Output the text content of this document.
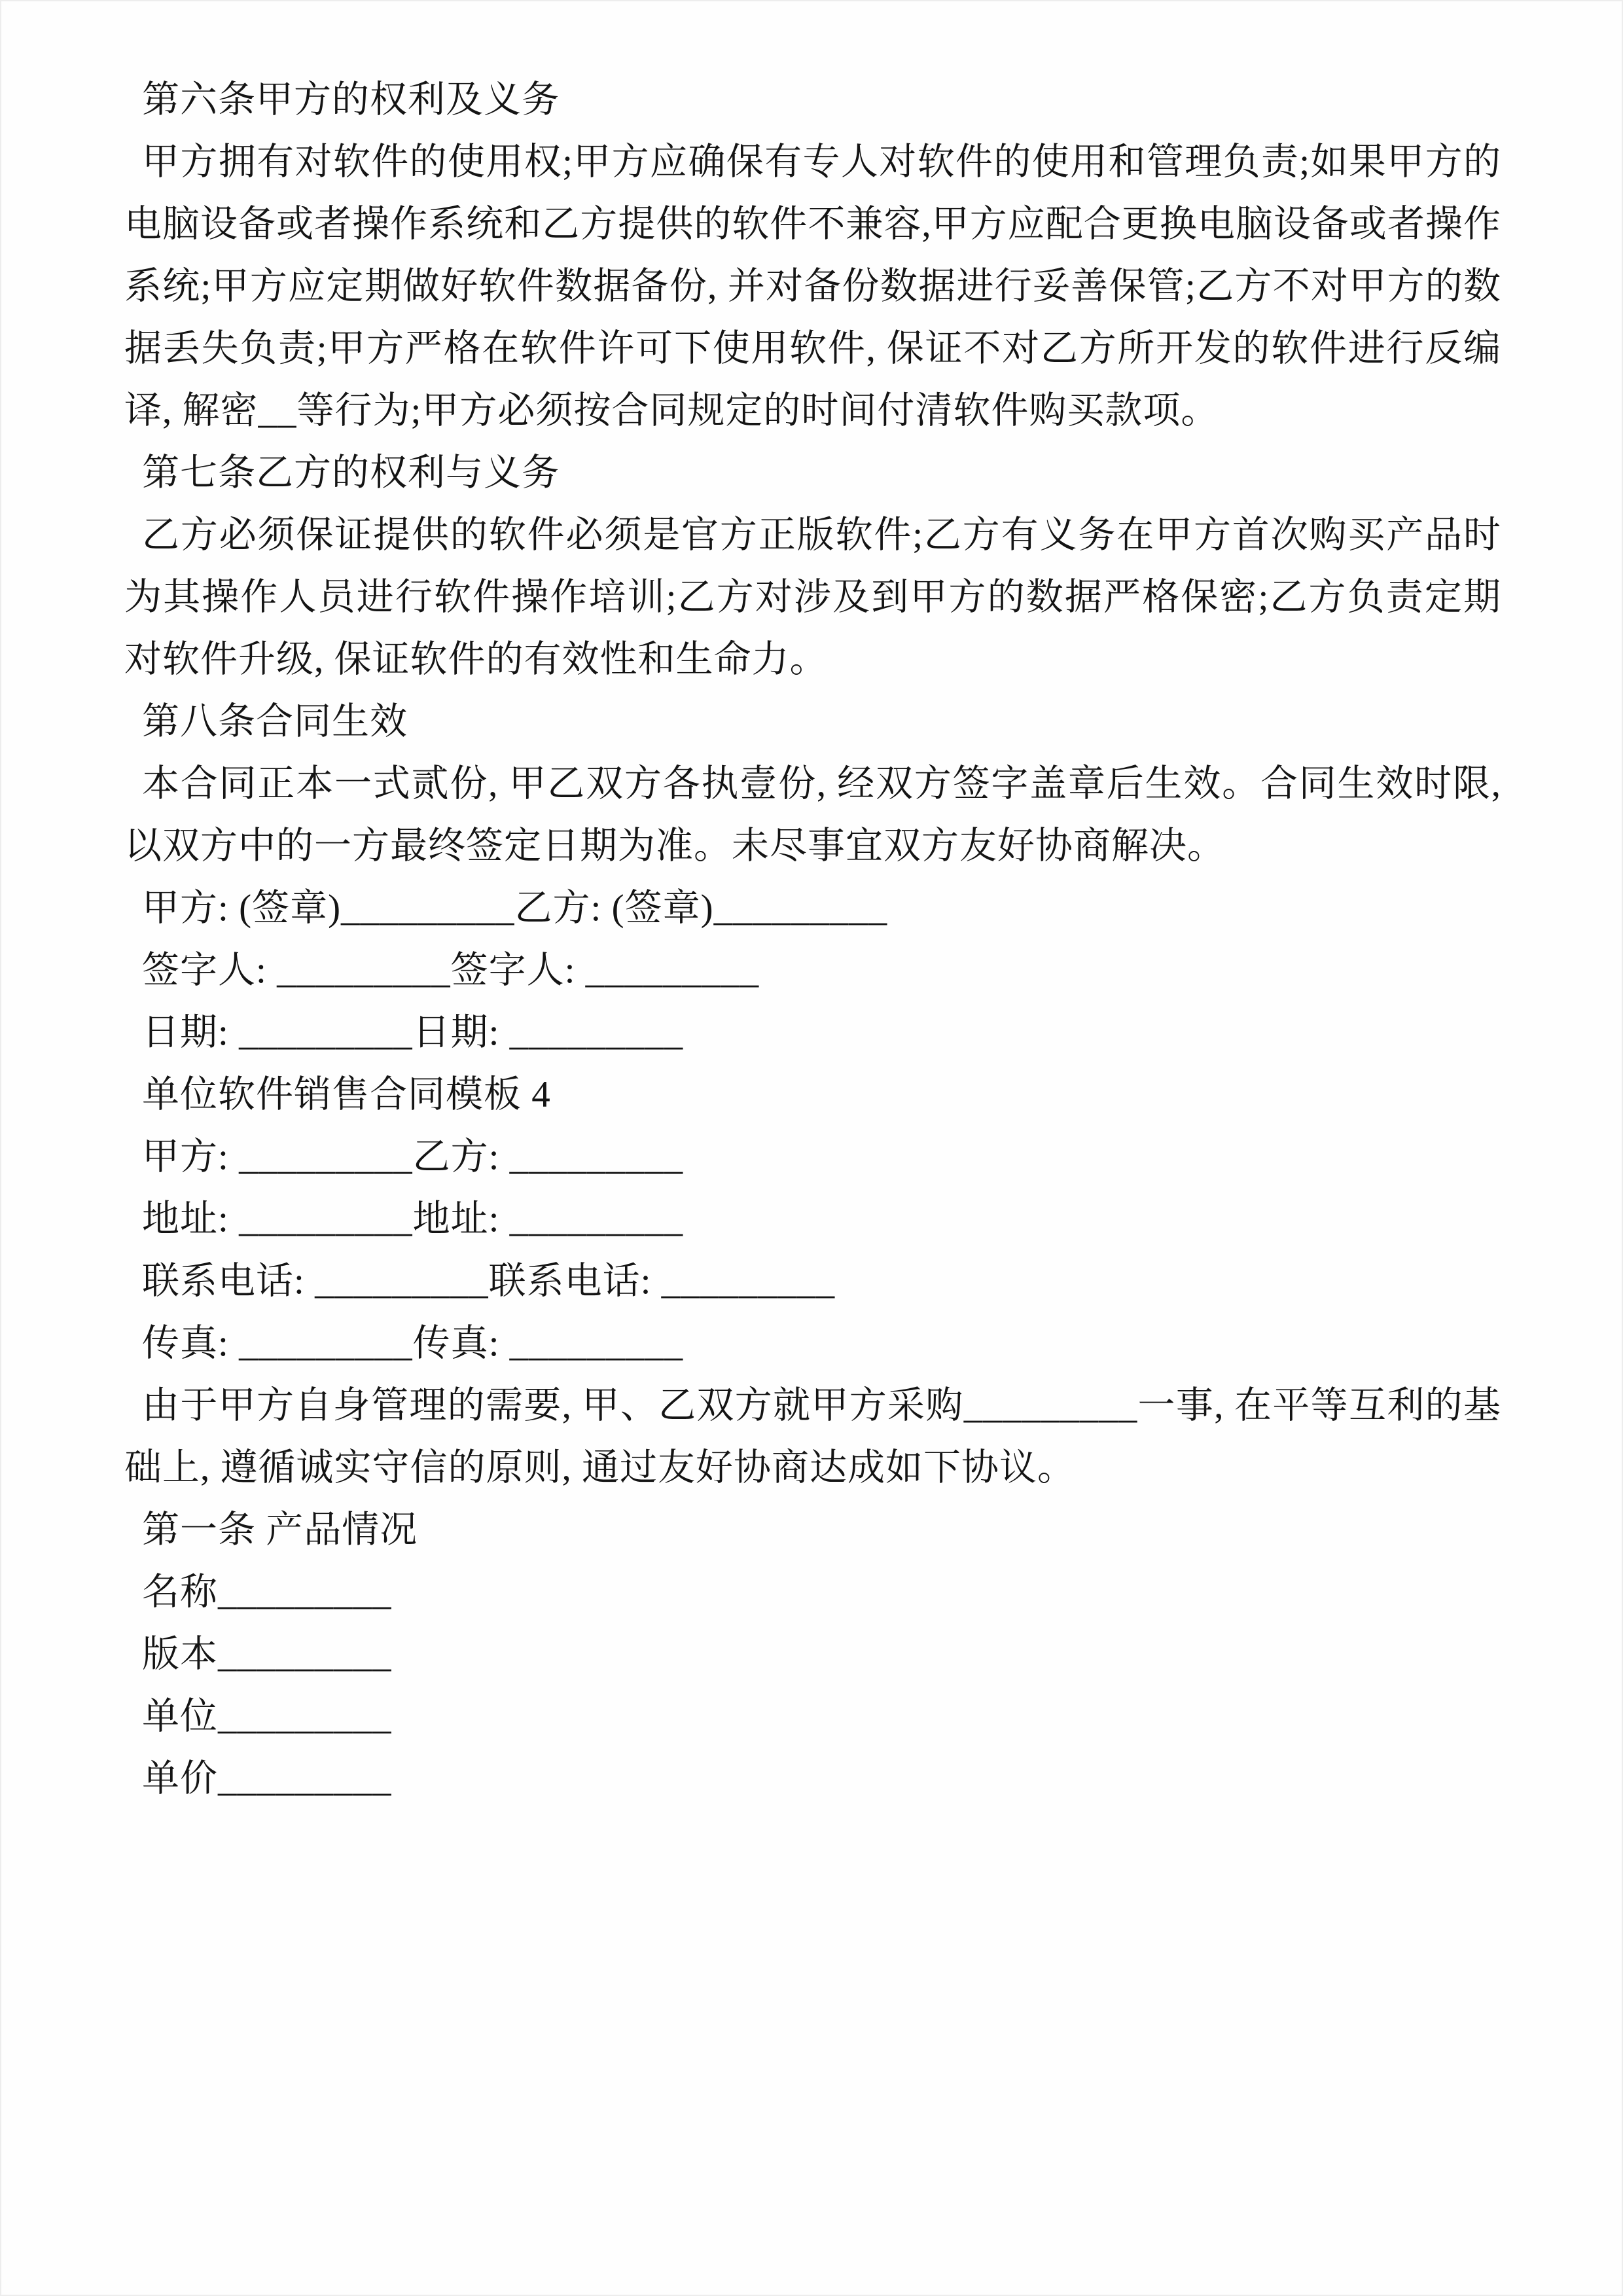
第六条甲方的权利及义务

甲方拥有对软件的使用权;甲方应确保有专人对软件的使用和管理负责;如果甲方的电脑设备或者操作系统和乙方提供的软件不兼容,甲方应配合更换电脑设备或者操作系统;甲方应定期做好软件数据备份, 并对备份数据进行妥善保管;乙方不对甲方的数据丢失负责;甲方严格在软件许可下使用软件, 保证不对乙方所开发的软件进行反编译, 解密__等行为;甲方必须按合同规定的时间付清软件购买款项。

第七条乙方的权利与义务

乙方必须保证提供的软件必须是官方正版软件;乙方有义务在甲方首次购买产品时为其操作人员进行软件操作培训;乙方对涉及到甲方的数据严格保密;乙方负责定期对软件升级, 保证软件的有效性和生命力。

第八条合同生效

本合同正本一式贰份, 甲乙双方各执壹份, 经双方签字盖章后生效。合同生效时限, 以双方中的一方最终签定日期为准。未尽事宜双方友好协商解决。

甲方: (签章)_________乙方: (签章)_________

签字人: _________签字人: _________

日期: _________日期: _________

单位软件销售合同模板 4

甲方: _________乙方: _________

地址: _________地址: _________

联系电话: _________联系电话: _________

传真: _________传真: _________

由于甲方自身管理的需要, 甲、乙双方就甲方采购_________一事, 在平等互利的基础上, 遵循诚实守信的原则, 通过友好协商达成如下协议。

第一条 产品情况

名称_________

版本_________

单位_________

单价_________
